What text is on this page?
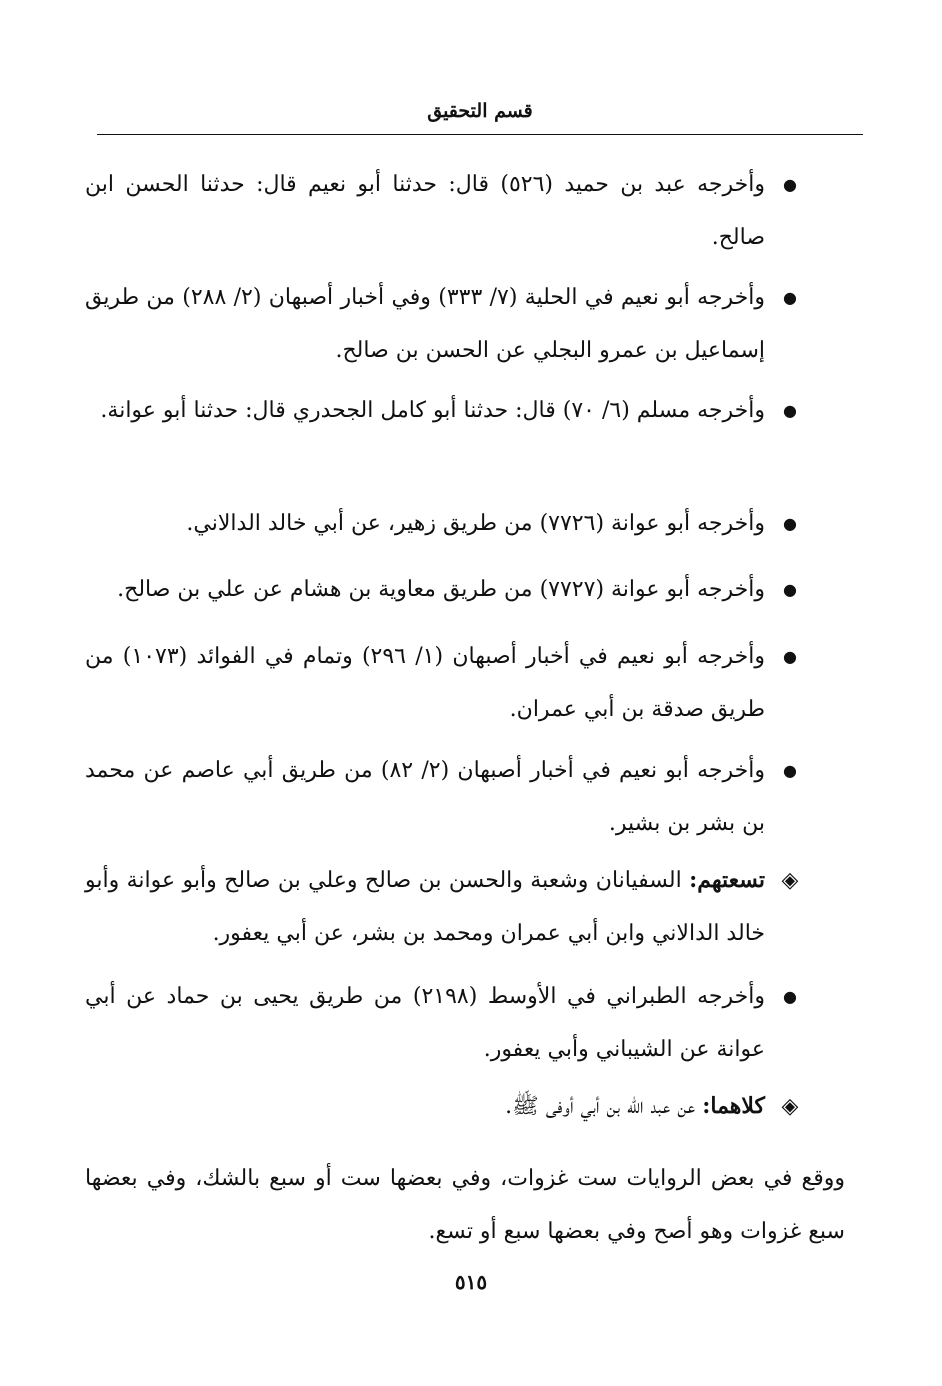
قسم التحقيق
●
وأخرجه عبد بن حميد (٥٢٦) قال: حدثنا أبو نعيم قال: حدثنا الحسن ابن صالح.
●
وأخرجه أبو نعيم في الحلية (٧/ ٣٣٣) وفي أخبار أصبهان (٢/ ٢٨٨) من طريق إسماعيل بن عمرو البجلي عن الحسن بن صالح.
●
وأخرجه مسلم (٦/ ٧٠) قال: حدثنا أبو كامل الجحدري قال: حدثنا أبو عوانة.
●
وأخرجه أبو عوانة (٧٧٢٦) من طريق زهير، عن أبي خالد الدالاني.
●
وأخرجه أبو عوانة (٧٧٢٧) من طريق معاوية بن هشام عن علي بن صالح.
●
وأخرجه أبو نعيم في أخبار أصبهان (١/ ٢٩٦) وتمام في الفوائد (١٠٧٣) من طريق صدقة بن أبي عمران.
●
وأخرجه أبو نعيم في أخبار أصبهان (٢/ ٨٢) من طريق أبي عاصم عن محمد بن بشر بن بشير.
◈
تسعتهم: السفيانان وشعبة والحسن بن صالح وعلي بن صالح وأبو عوانة وأبو خالد الدالاني وابن أبي عمران ومحمد بن بشر، عن أبي يعفور.
●
وأخرجه الطبراني في الأوسط (٢١٩٨) من طريق يحيى بن حماد عن أبي عوانة عن الشيباني وأبي يعفور.
◈
كلاهما: عن عبد الله بن أبي أوفى ﷺ.
ووقع في بعض الروايات ست غزوات، وفي بعضها ست أو سبع بالشك، وفي بعضها سبع غزوات وهو أصح وفي بعضها سبع أو تسع.
٥١٥
